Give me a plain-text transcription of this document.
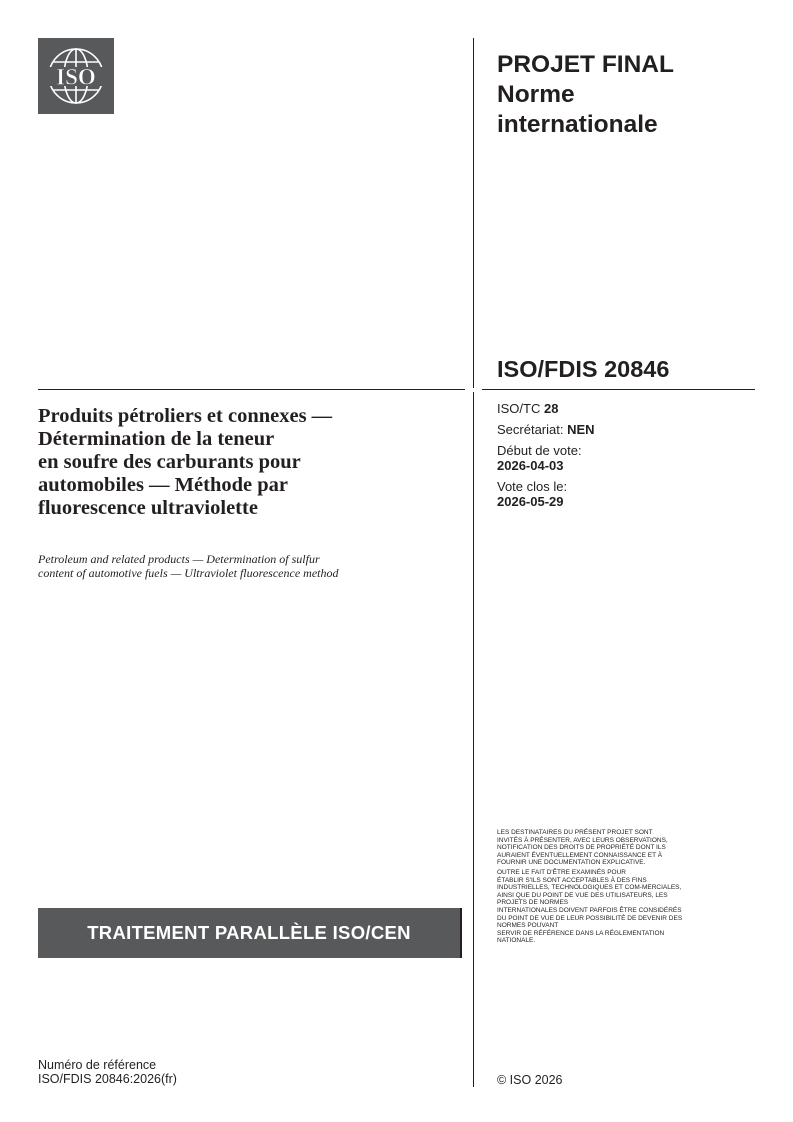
ISO	PROJET FINAL
Norme
internationale
ISO/FDIS 20846
Produits pétroliers et connexes —
Détermination de la teneur
en soufre des carburants pour
automobiles — Méthode par
fluorescence ultraviolette
Petroleum and related products — Determination of sulfur
content of automotive fuels — Ultraviolet fluorescence method
ISO/TC 28
Secrétariat: NEN
Début de vote:
2026-04-03
Vote clos le:
2026-05-29
LES DESTINATAIRES DU PRÉSENT PROJET SONT
INVITÉS À PRÉSENTER, AVEC LEURS OBSERVATIONS,
NOTIFICATION DES DROITS DE PROPRIÉTÉ DONT ILS
AURAIENT ÉVENTUELLEMENT CONNAISSANCE ET À
FOURNIR UNE DOCUMENTATION EXPLICATIVE.
OUTRE LE FAIT D'ÊTRE EXAMINÉS POUR
ÉTABLIR S'ILS SONT ACCEPTABLES À DES FINS
INDUSTRIELLES, TECHNOLOGIQUES ET COM-MERCIALES,
AINSI QUE DU POINT DE VUE DES UTILISATEURS, LES
PROJETS DE NORMES
INTERNATIONALES DOIVENT PARFOIS ÊTRE CONSIDÉRÉS
DU POINT DE VUE DE LEUR POSSIBILITÉ DE DEVENIR DES
NORMES POUVANT
SERVIR DE RÉFÉRENCE DANS LA RÉGLEMENTATION
NATIONALE.
TRAITEMENT PARALLÈLE ISO/CEN
Numéro de référence
ISO/FDIS 20846:2026(fr)	© ISO 2026
